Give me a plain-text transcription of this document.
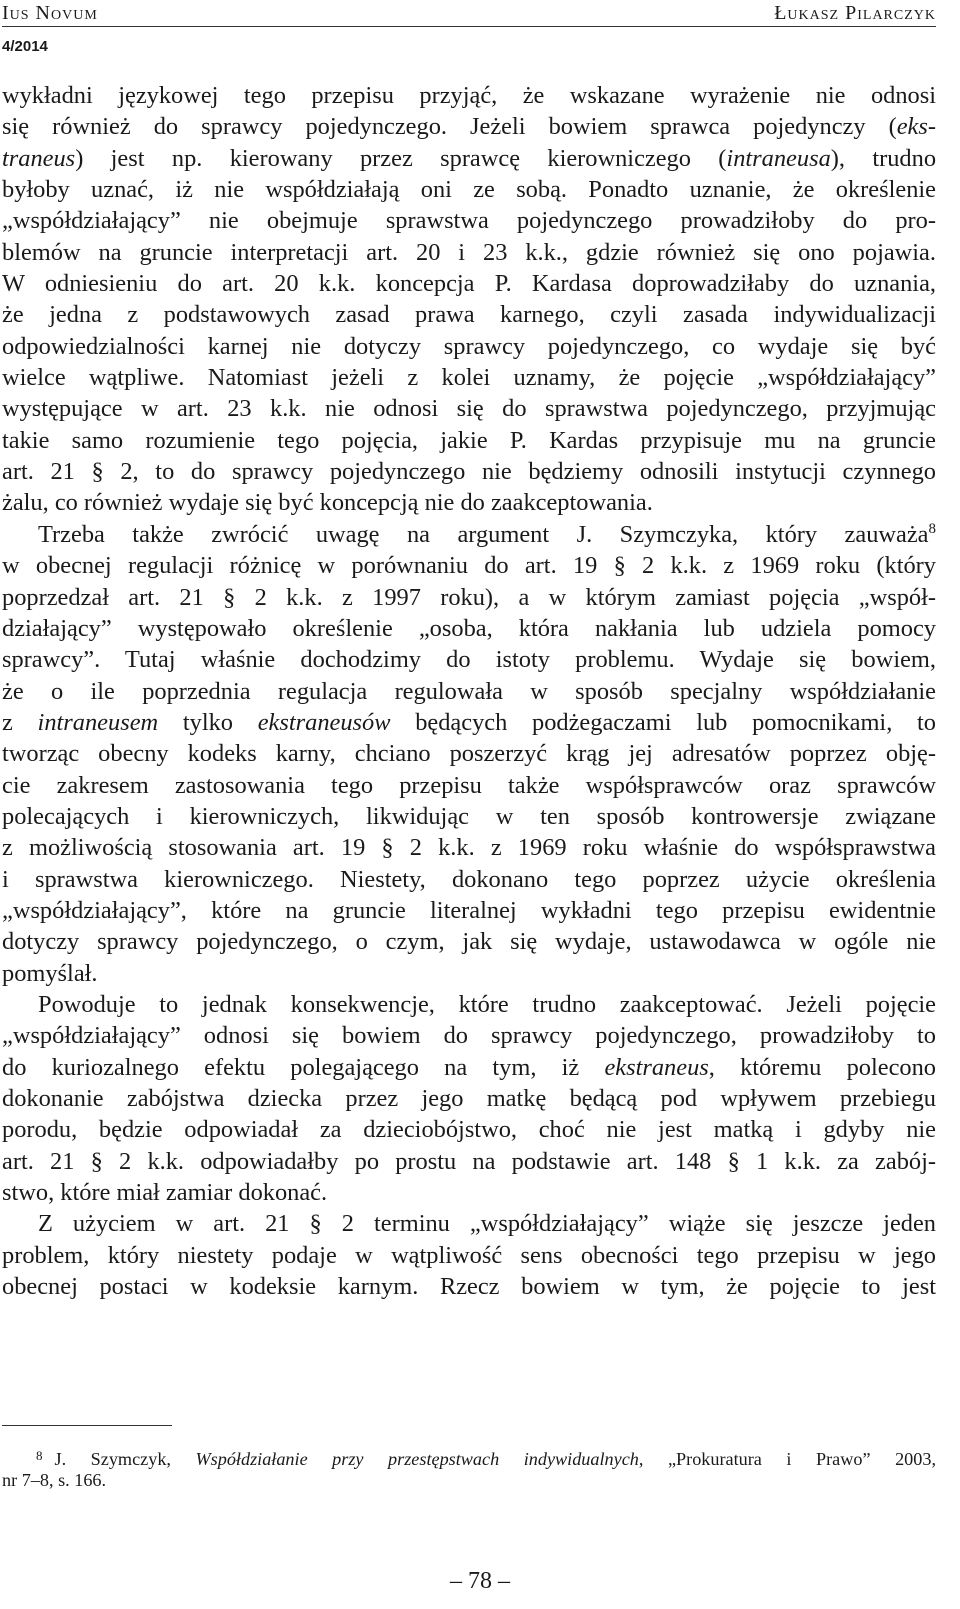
Ius Novum	Łukasz Pilarczyk
4/2014
wykładni językowej tego przepisu przyjąć, że wskazane wyrażenie nie odnosi
się również do sprawcy pojedynczego. Jeżeli bowiem sprawca pojedynczy (eks-
traneus) jest np. kierowany przez sprawcę kierowniczego (intraneusa), trudno
byłoby uznać, iż nie współdziałają oni ze sobą. Ponadto uznanie, że określenie
„współdziałający” nie obejmuje sprawstwa pojedynczego prowadziłoby do pro-
blemów na gruncie interpretacji art. 20 i 23 k.k., gdzie również się ono pojawia.
W odniesieniu do art. 20 k.k. koncepcja P. Kardasa doprowadziłaby do uznania,
że jedna z podstawowych zasad prawa karnego, czyli zasada indywidualizacji
odpowiedzialności karnej nie dotyczy sprawcy pojedynczego, co wydaje się być
wielce wątpliwe. Natomiast jeżeli z kolei uznamy, że pojęcie „współdziałający”
występujące w art. 23 k.k. nie odnosi się do sprawstwa pojedynczego, przyjmując
takie samo rozumienie tego pojęcia, jakie P. Kardas przypisuje mu na gruncie
art. 21 § 2, to do sprawcy pojedynczego nie będziemy odnosili instytucji czynnego
żalu, co również wydaje się być koncepcją nie do zaakceptowania.
Trzeba także zwrócić uwagę na argument J. Szymczyka, który zauważa$^8$
w obecnej regulacji różnicę w porównaniu do art. 19 § 2 k.k. z 1969 roku (który
poprzedzał art. 21 § 2 k.k. z 1997 roku), a w którym zamiast pojęcia „współ-
działający” występowało określenie „osoba, która nakłania lub udziela pomocy
sprawcy”. Tutaj właśnie dochodzimy do istoty problemu. Wydaje się bowiem,
że o ile poprzednia regulacja regulowała w sposób specjalny współdziałanie
z intraneusem tylko ekstraneusów będących podżegaczami lub pomocnikami, to
tworząc obecny kodeks karny, chciano poszerzyć krąg jej adresatów poprzez obję-
cie zakresem zastosowania tego przepisu także współsprawców oraz sprawców
polecających i kierowniczych, likwidując w ten sposób kontrowersje związane
z możliwością stosowania art. 19 § 2 k.k. z 1969 roku właśnie do współsprawstwa
i sprawstwa kierowniczego. Niestety, dokonano tego poprzez użycie określenia
„współdziałający”, które na gruncie literalnej wykładni tego przepisu ewidentnie
dotyczy sprawcy pojedynczego, o czym, jak się wydaje, ustawodawca w ogóle nie
pomyślał.
Powoduje to jednak konsekwencje, które trudno zaakceptować. Jeżeli pojęcie
„współdziałający” odnosi się bowiem do sprawcy pojedynczego, prowadziłoby to
do kuriozalnego efektu polegającego na tym, iż ekstraneus, któremu polecono
dokonanie zabójstwa dziecka przez jego matkę będącą pod wpływem przebiegu
porodu, będzie odpowiadał za dzieciobójstwo, choć nie jest matką i gdyby nie
art. 21 § 2 k.k. odpowiadałby po prostu na podstawie art. 148 § 1 k.k. za zabój-
stwo, które miał zamiar dokonać.
Z użyciem w art. 21 § 2 terminu „współdziałający” wiąże się jeszcze jeden
problem, który niestety podaje w wątpliwość sens obecności tego przepisu w jego
obecnej postaci w kodeksie karnym. Rzecz bowiem w tym, że pojęcie to jest
$^8$ J. Szymczyk, Współdziałanie przy przestępstwach indywidualnych, „Prokuratura i Prawo” 2003,
nr 7–8, s. 166.
– 78 –
